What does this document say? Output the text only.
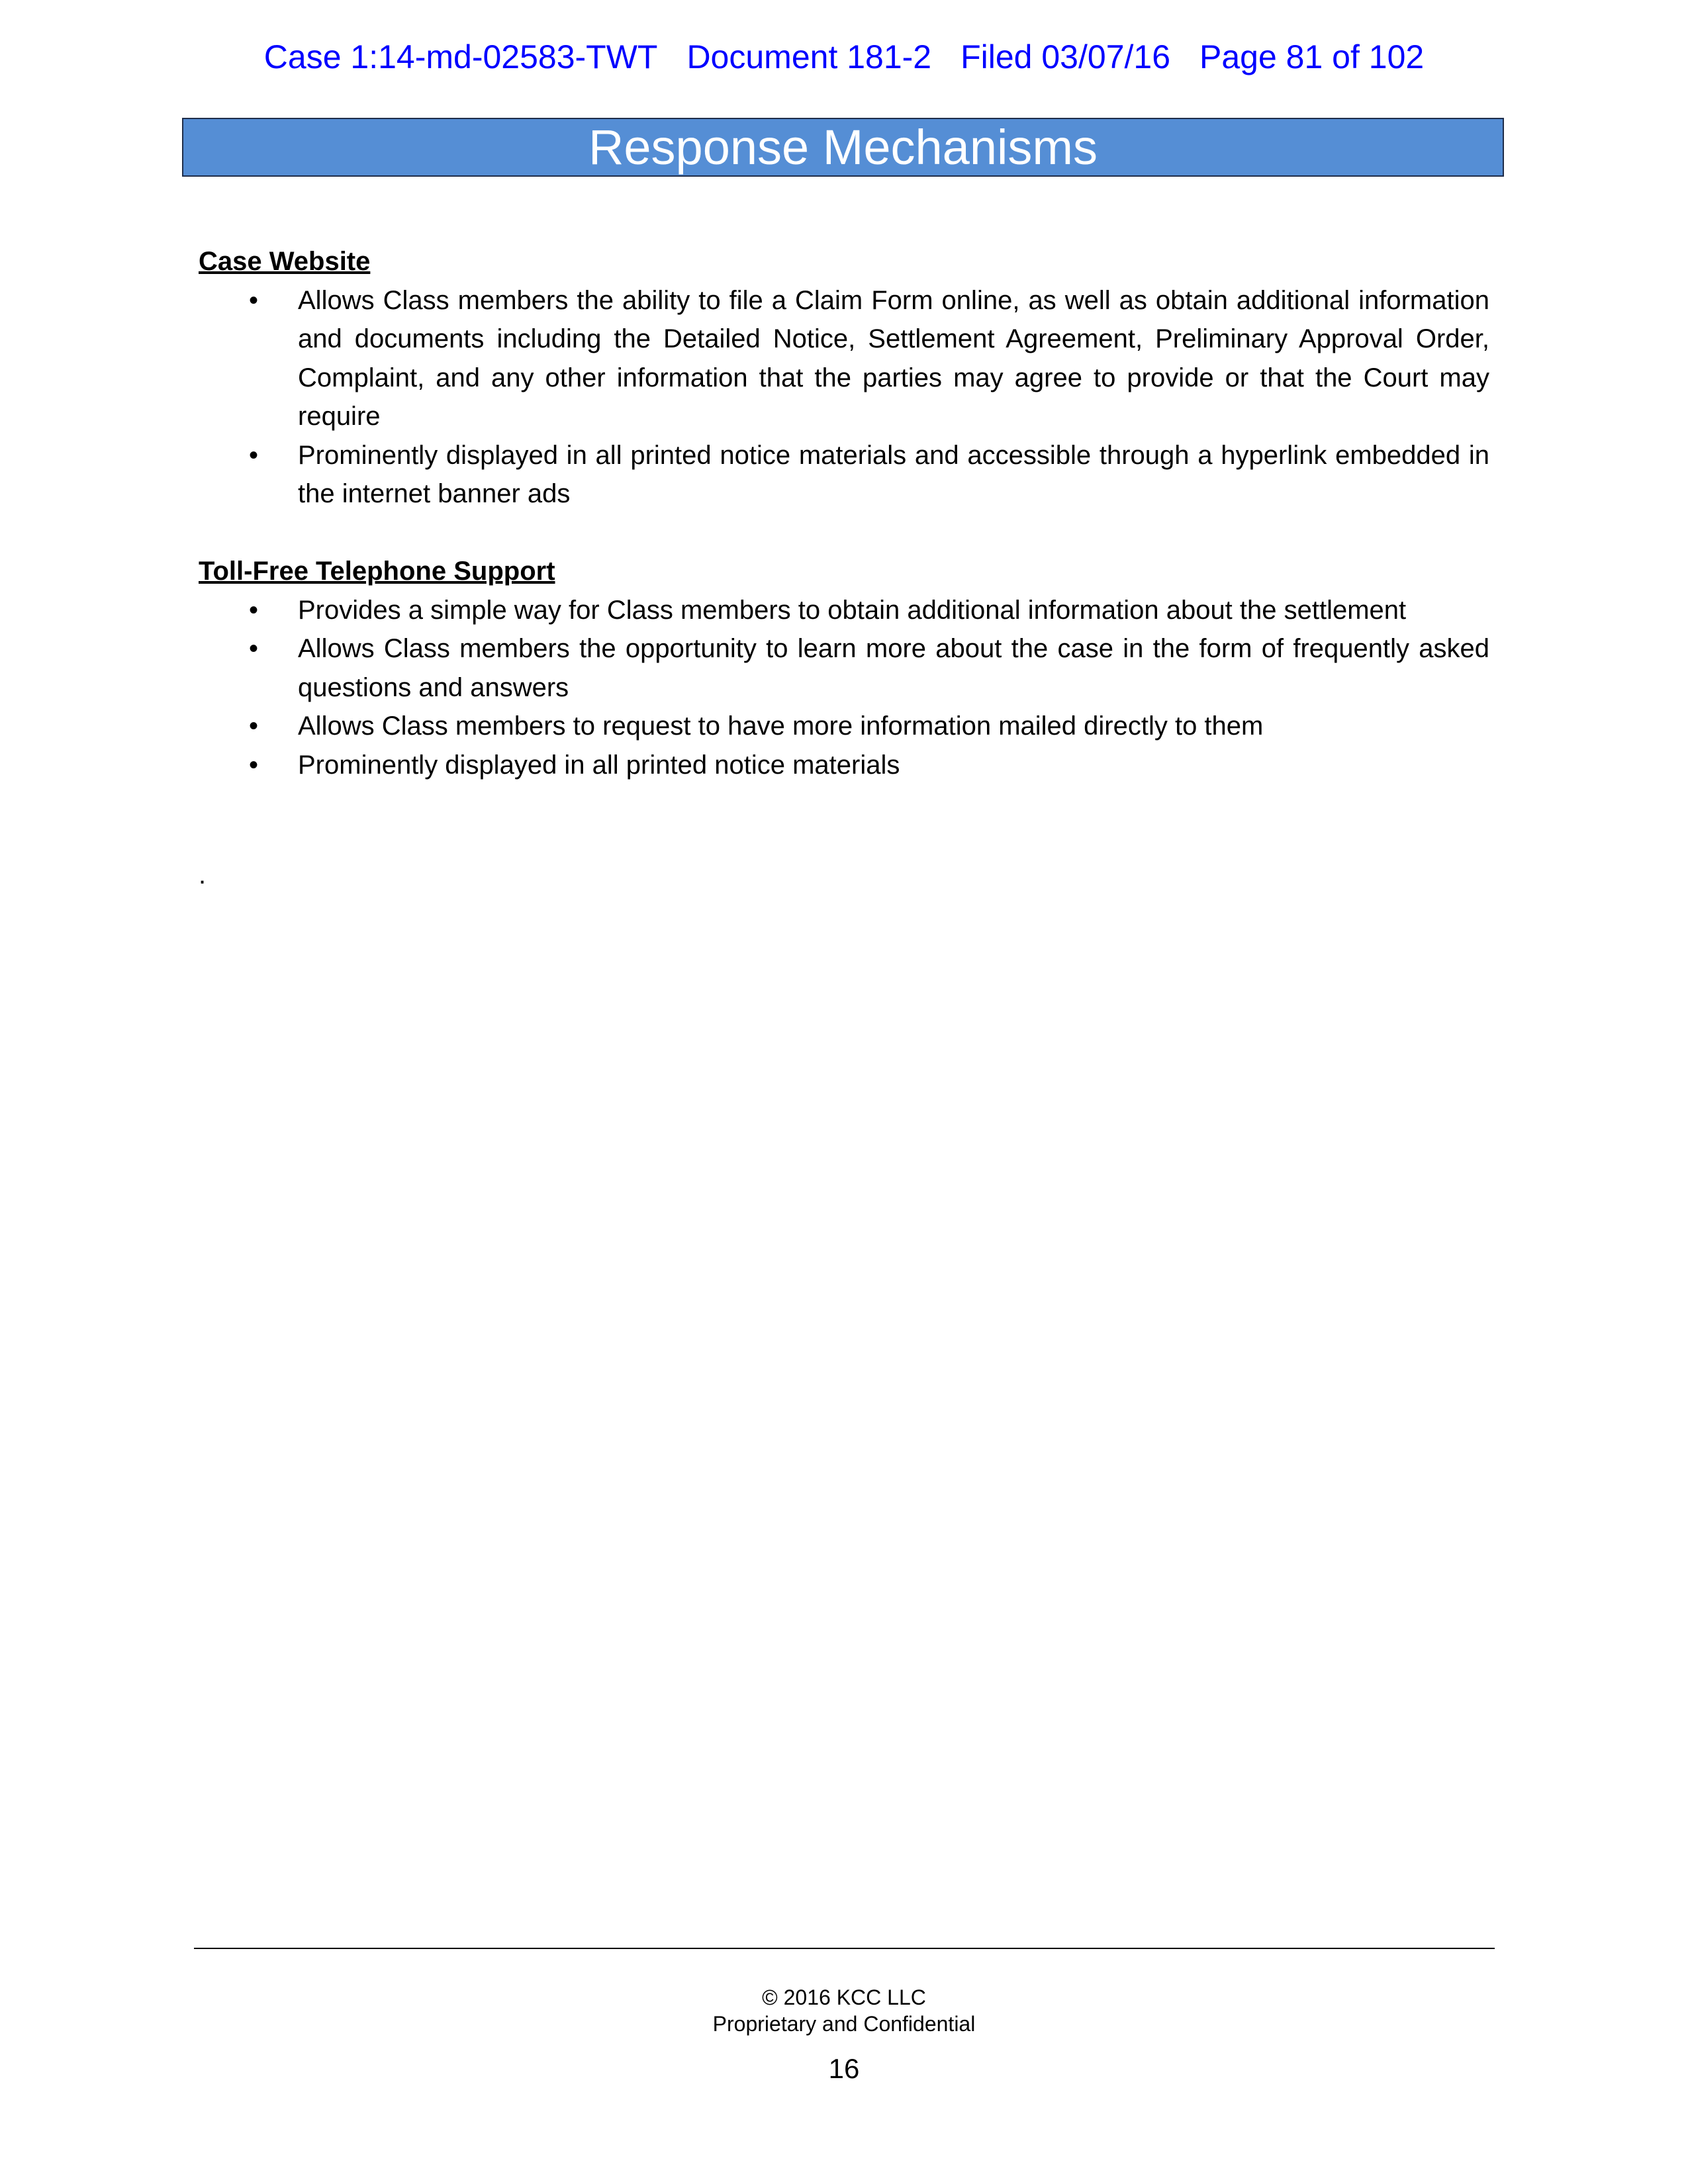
Case 1:14-md-02583-TWT Document 181-2 Filed 03/07/16 Page 81 of 102
Response Mechanisms

Case Website

• Allows Class members the ability to file a Claim Form online, as well as obtain additional information and documents including the Detailed Notice, Settlement Agreement, Preliminary Approval Order, Complaint, and any other information that the parties may agree to provide or that the Court may require
• Prominently displayed in all printed notice materials and accessible through a hyperlink embedded in the internet banner ads

Toll-Free Telephone Support

• Provides a simple way for Class members to obtain additional information about the settlement
• Allows Class members the opportunity to learn more about the case in the form of frequently asked questions and answers
• Allows Class members to request to have more information mailed directly to them
• Prominently displayed in all printed notice materials
.
© 2016 KCC LLC
Proprietary and Confidential
16
